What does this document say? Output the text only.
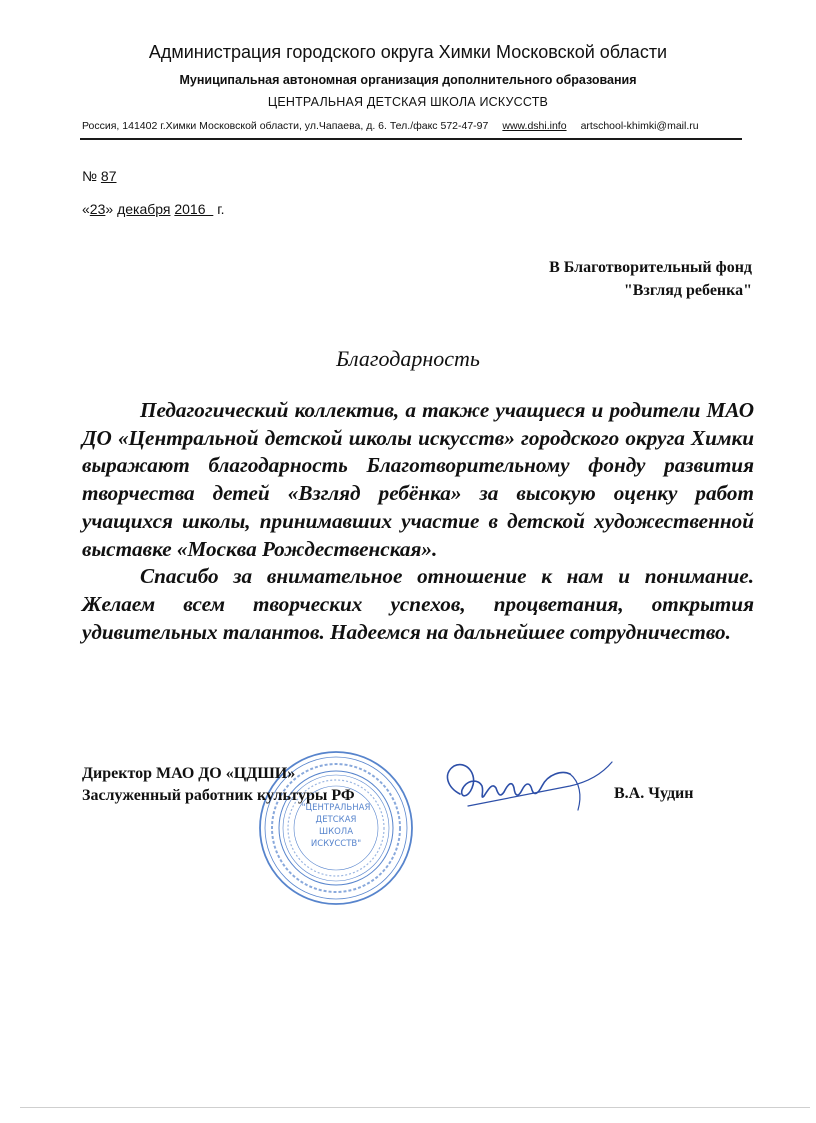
Администрация городского округа Химки Московской области
Муниципальная автономная организация дополнительного образования
ЦЕНТРАЛЬНАЯ ДЕТСКАЯ ШКОЛА ИСКУССТВ
Россия, 141402 г.Химки Московской области, ул.Чапаева, д. 6. Тел./факс 572-47-97 www.dshi.info artschool-khimki@mail.ru
№ 87
«23» декабря 2016 г.
В Благотворительный фонд
"Взгляд ребенка"
Благодарность

Педагогический коллектив, а также учащиеся и родители МАО ДО «Центральной детской школы искусств» городского округа Химки выражают благодарность Благотворительному фонду развития творчества детей «Взгляд ребёнка» за высокую оценку работ учащихся школы, принимавших участие в детской художественной выставке «Москва Рождественская».

Спасибо за внимательное отношение к нам и понимание. Желаем всем творческих успехов, процветания, открытия удивительных талантов. Надеемся на дальнейшее сотрудничество.

"ЦЕНТРАЛЬНАЯ
ДЕТСКАЯ
ШКОЛА
ИСКУССТВ"
Директор МАО ДО «ЦДШИ»
Заслуженный работник культуры РФ	В.А. Чудин
